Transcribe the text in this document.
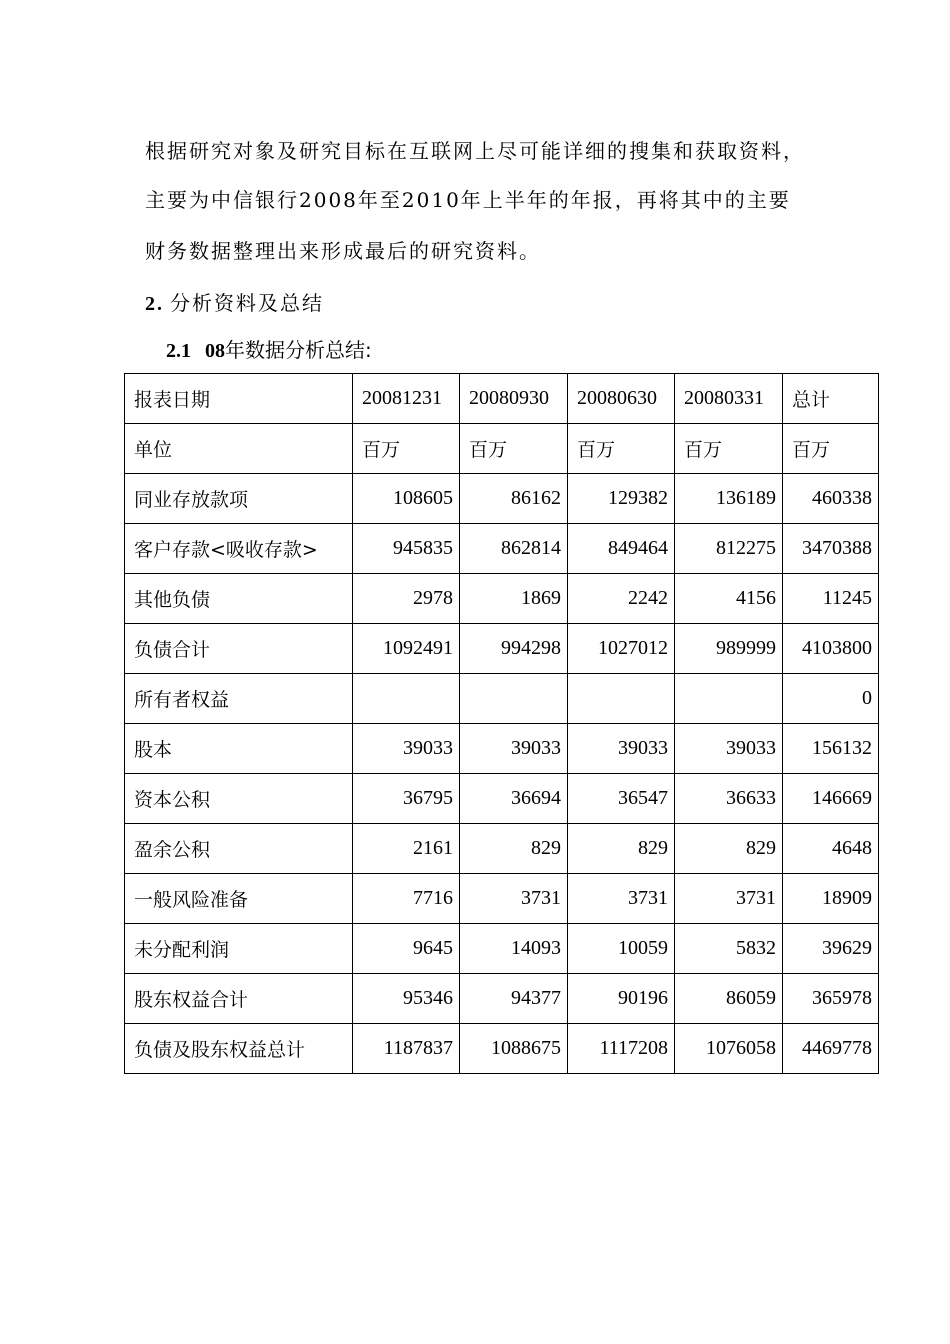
根据研究对象及研究目标在互联网上尽可能详细的搜集和获取资料，
主要为中信银行2008年至2010年上半年的年报，再将其中的主要
财务数据整理出来形成最后的研究资料。
2. 分析资料及总结
2.1 08年数据分析总结:
报表日期	20081231	20080930	20080630	20080331	总计
单位	百万	百万	百万	百万	百万
同业存放款项	108605	86162	129382	136189	460338
客户存款<吸收存款>	945835	862814	849464	812275	3470388
其他负债	2978	1869	2242	4156	11245
负债合计	1092491	994298	1027012	989999	4103800
所有者权益					0
股本	39033	39033	39033	39033	156132
资本公积	36795	36694	36547	36633	146669
盈余公积	2161	829	829	829	4648
一般风险准备	7716	3731	3731	3731	18909
未分配利润	9645	14093	10059	5832	39629
股东权益合计	95346	94377	90196	86059	365978
负债及股东权益总计	1187837	1088675	1117208	1076058	4469778
